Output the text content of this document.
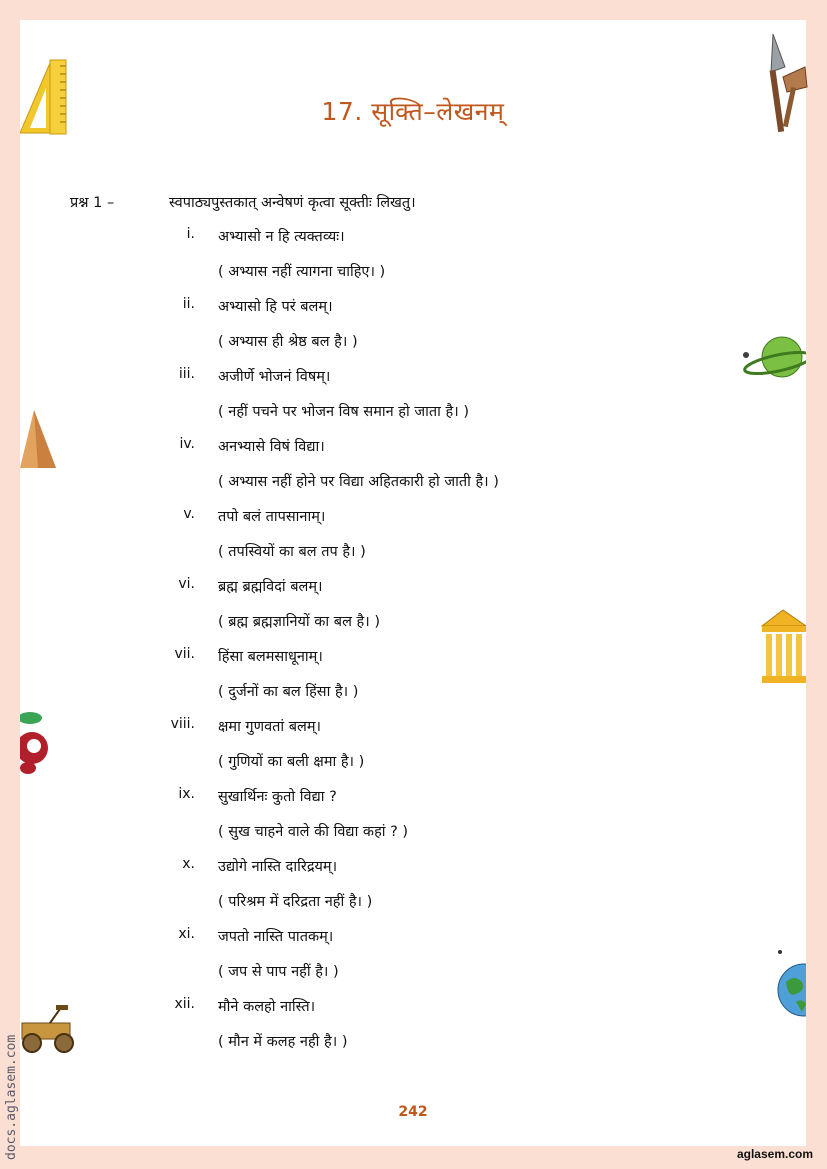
17. सूक्ति–लेखनम्
प्रश्न 1 –	स्वपाठ्यपुस्तकात् अन्वेषणं कृत्वा सूक्तीः लिखतु।
i. अभ्यासो न हि त्यक्तव्यः।
( अभ्यास नहीं त्यागना चाहिए। )
ii. अभ्यासो हि परं बलम्।
( अभ्यास ही श्रेष्ठ बल है। )
iii. अजीर्णे भोजनं विषम्।
( नहीं पचने पर भोजन विष समान हो जाता है। )
iv. अनभ्यासे विषं विद्या।
( अभ्यास नहीं होने पर विद्या अहितकारी हो जाती है। )
v. तपो बलं तापसानाम्।
( तपस्वियों का बल तप है। )
vi. ब्रह्म ब्रह्मविदां बलम्।
( ब्रह्म ब्रह्मज्ञानियों का बल है। )
vii. हिंसा बलमसाधूनाम्।
( दुर्जनों का बल हिंसा है। )
viii. क्षमा गुणवतां बलम्।
( गुणियों का बली क्षमा है। )
ix. सुखार्थिनः कुतो विद्या ?
( सुख चाहने वाले की विद्या कहां ? )
x. उद्योगे नास्ति दारिद्रयम्।
( परिश्रम में दरिद्रता नहीं है। )
xi. जपतो नास्ति पातकम्।
( जप से पाप नहीं है। )
xii. मौने कलहो नास्ति।
( मौन में कलह नही है। )
242
docs.aglasem.com	aglasem.com
